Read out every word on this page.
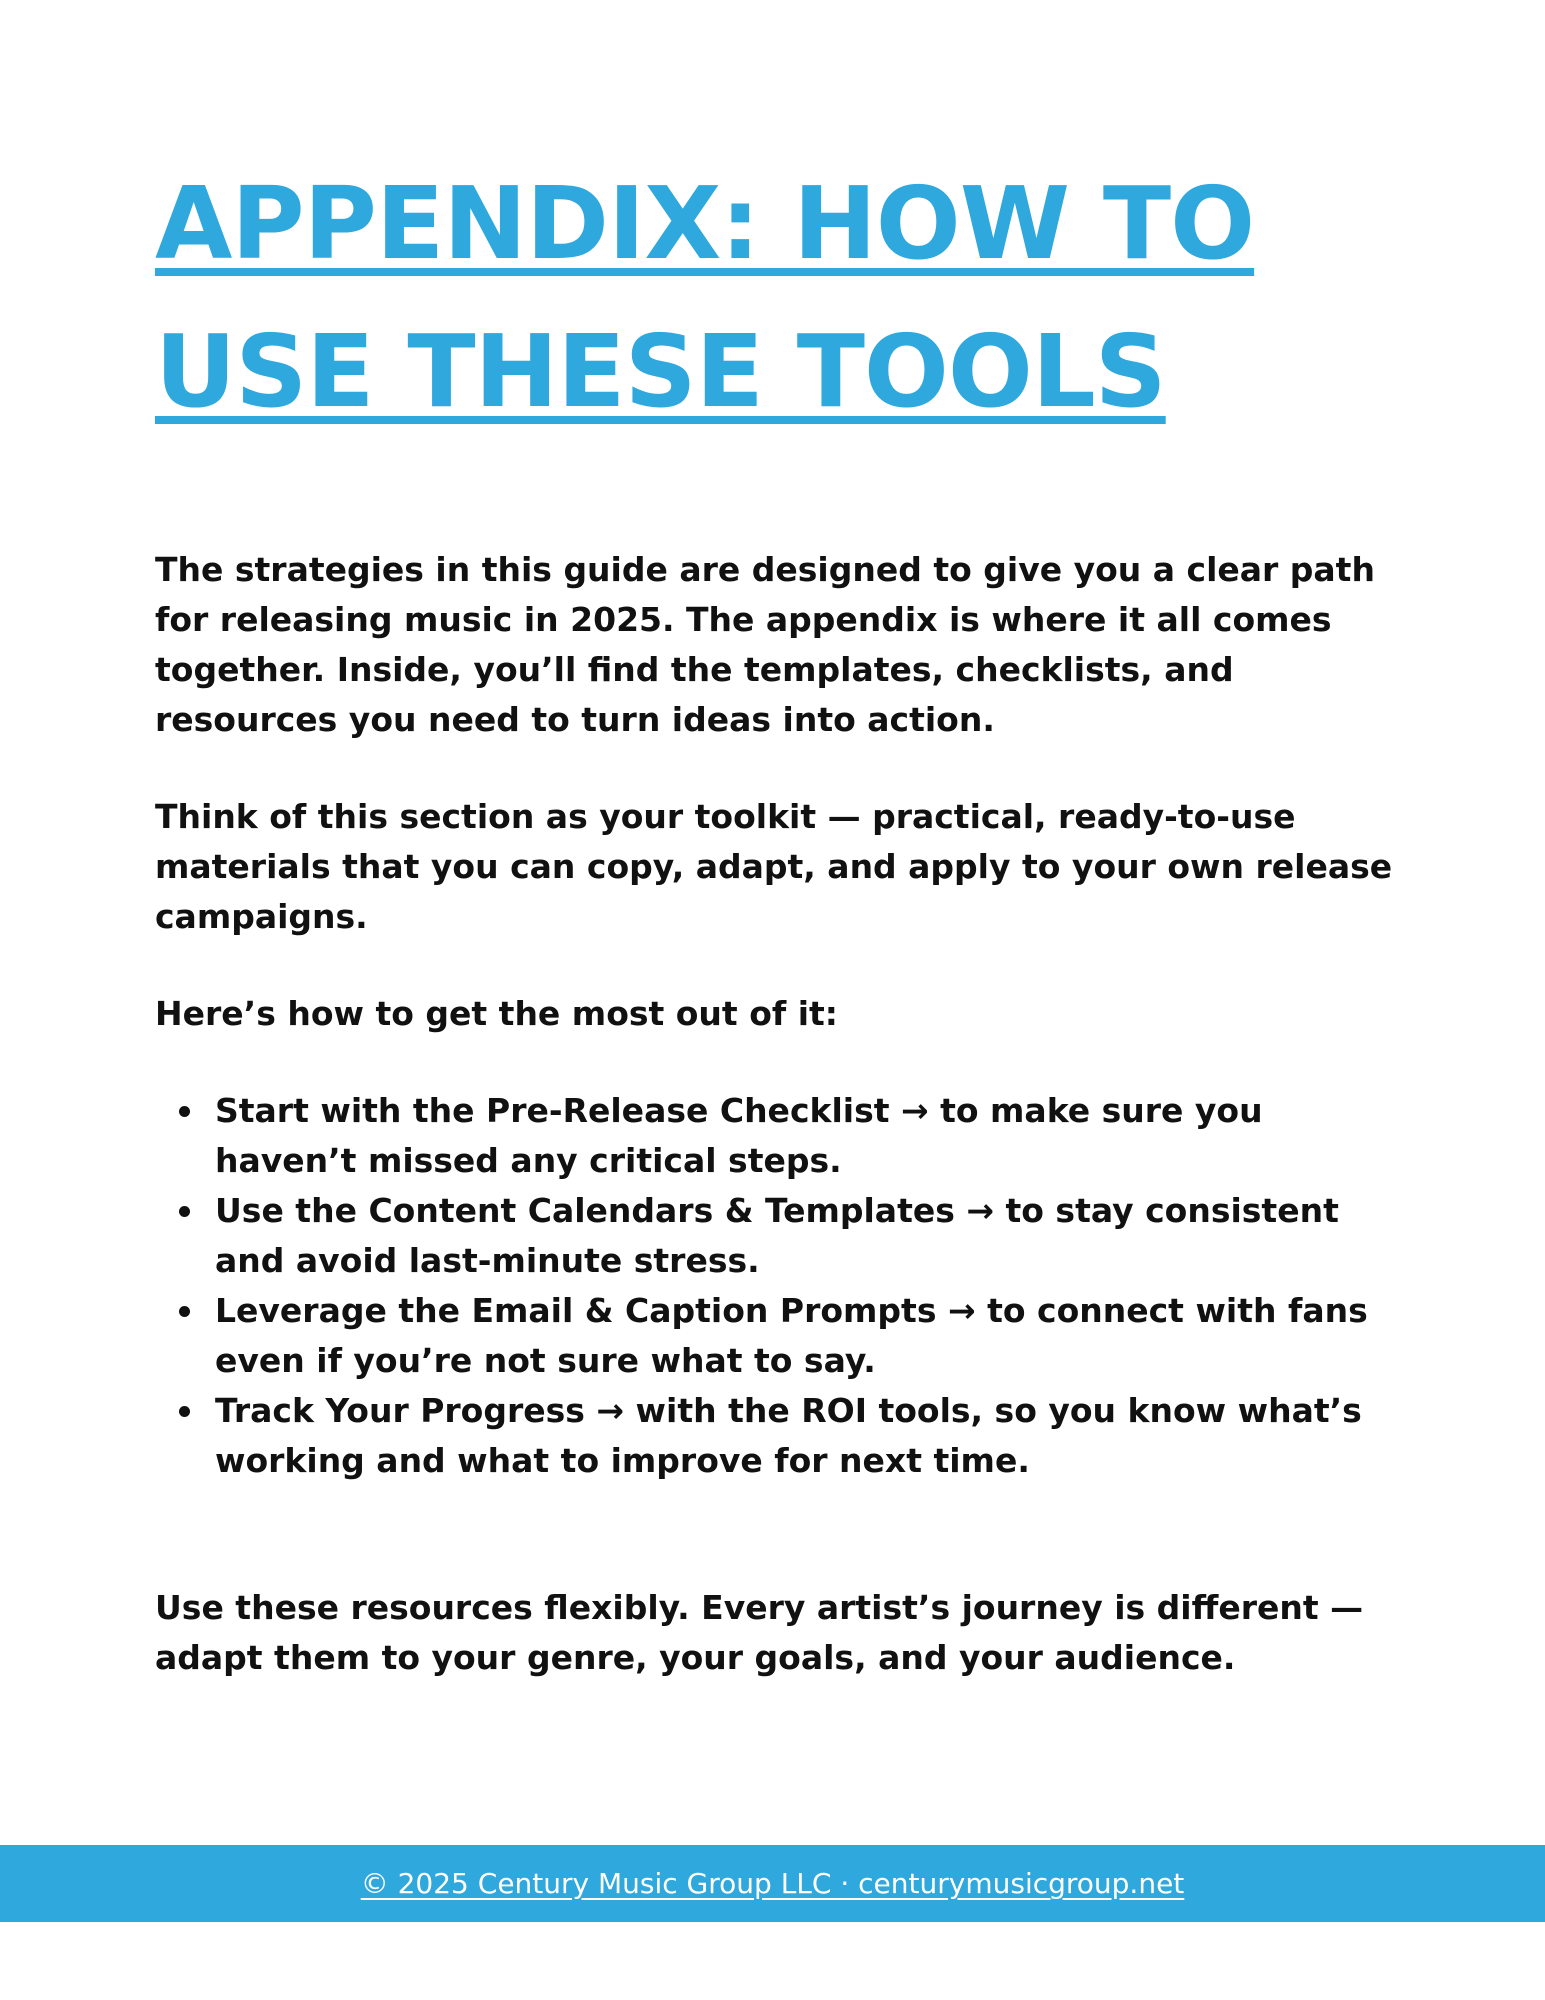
APPENDIX: HOW TO
USE THESE TOOLS

The strategies in this guide are designed to give you a clear path for releasing music in 2025. The appendix is where it all comes together. Inside, you’ll find the templates, checklists, and resources you need to turn ideas into action.

Think of this section as your toolkit — practical, ready-to-use materials that you can copy, adapt, and apply to your own release campaigns.

Here’s how to get the most out of it:

Start with the Pre-Release Checklist → to make sure you haven’t missed any critical steps.
Use the Content Calendars & Templates → to stay consistent and avoid last-minute stress.
Leverage the Email & Caption Prompts → to connect with fans even if you’re not sure what to say.
Track Your Progress → with the ROI tools, so you know what’s working and what to improve for next time.

Use these resources flexibly. Every artist’s journey is different — adapt them to your genre, your goals, and your audience.

© 2025 Century Music Group LLC · centurymusicgroup.net
